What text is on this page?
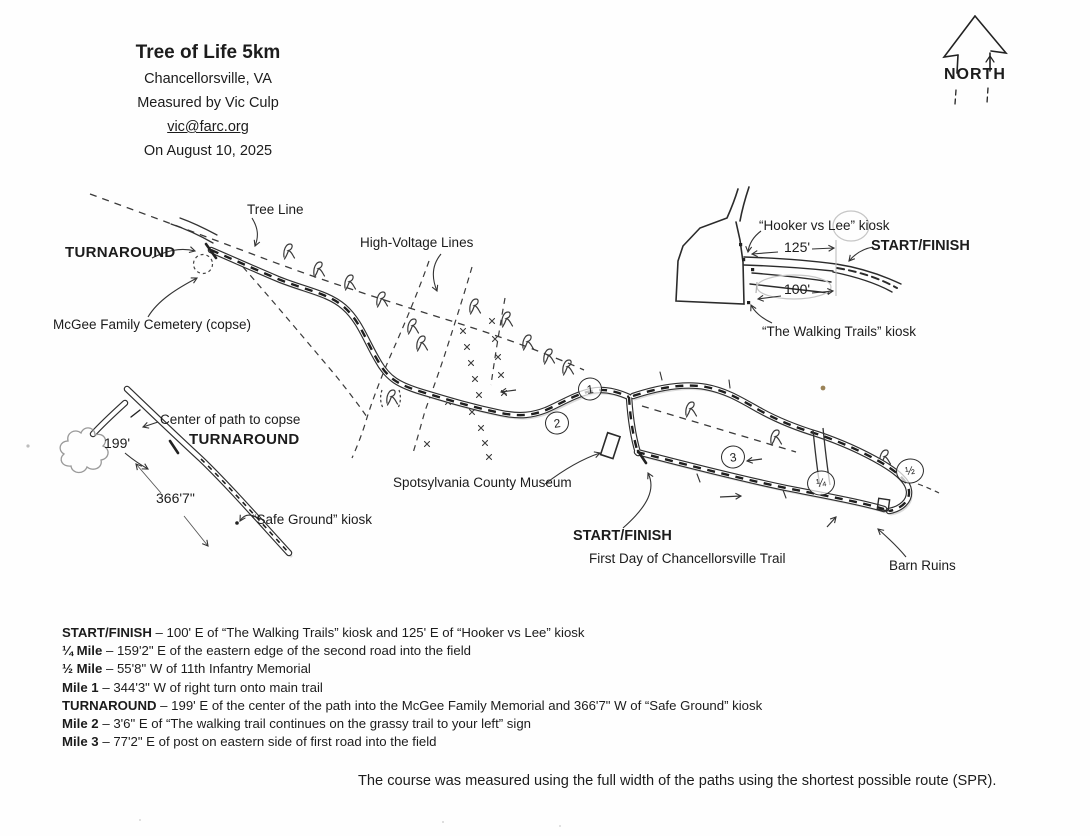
Tree of Life 5km
Chancellorsville, VA
Measured by Vic Culp
vic@farc.org
On August 10, 2025
NORTH
Tree Line
TURNAROUND
McGee Family Cemetery (copse)
High-Voltage Lines
“Hooker vs Lee” kiosk
START/FINISH
125'
100'
“The Walking Trails” kiosk
Center of path to copse
199'	TURNAROUND
366'7"
“Safe Ground” kiosk
Spotsylvania County Museum
START/FINISH
First Day of Chancellorsville Trail	Barn Ruins
1
2
3
¼
½
START/FINISH – 100' E of “The Walking Trails” kiosk and 125' E of “Hooker vs Lee” kiosk
¼ Mile – 159'2" E of the eastern edge of the second road into the field
½ Mile – 55'8" W of 11th Infantry Memorial
Mile 1 – 344'3" W of right turn onto main trail
TURNAROUND – 199' E of the center of the path into the McGee Family Memorial and 366'7" W of “Safe Ground” kiosk
Mile 2 – 3'6" E of “The walking trail continues on the grassy trail to your left” sign
Mile 3 – 77'2" E of post on eastern side of first road into the field
The course was measured using the full width of the paths using the shortest possible route (SPR).
